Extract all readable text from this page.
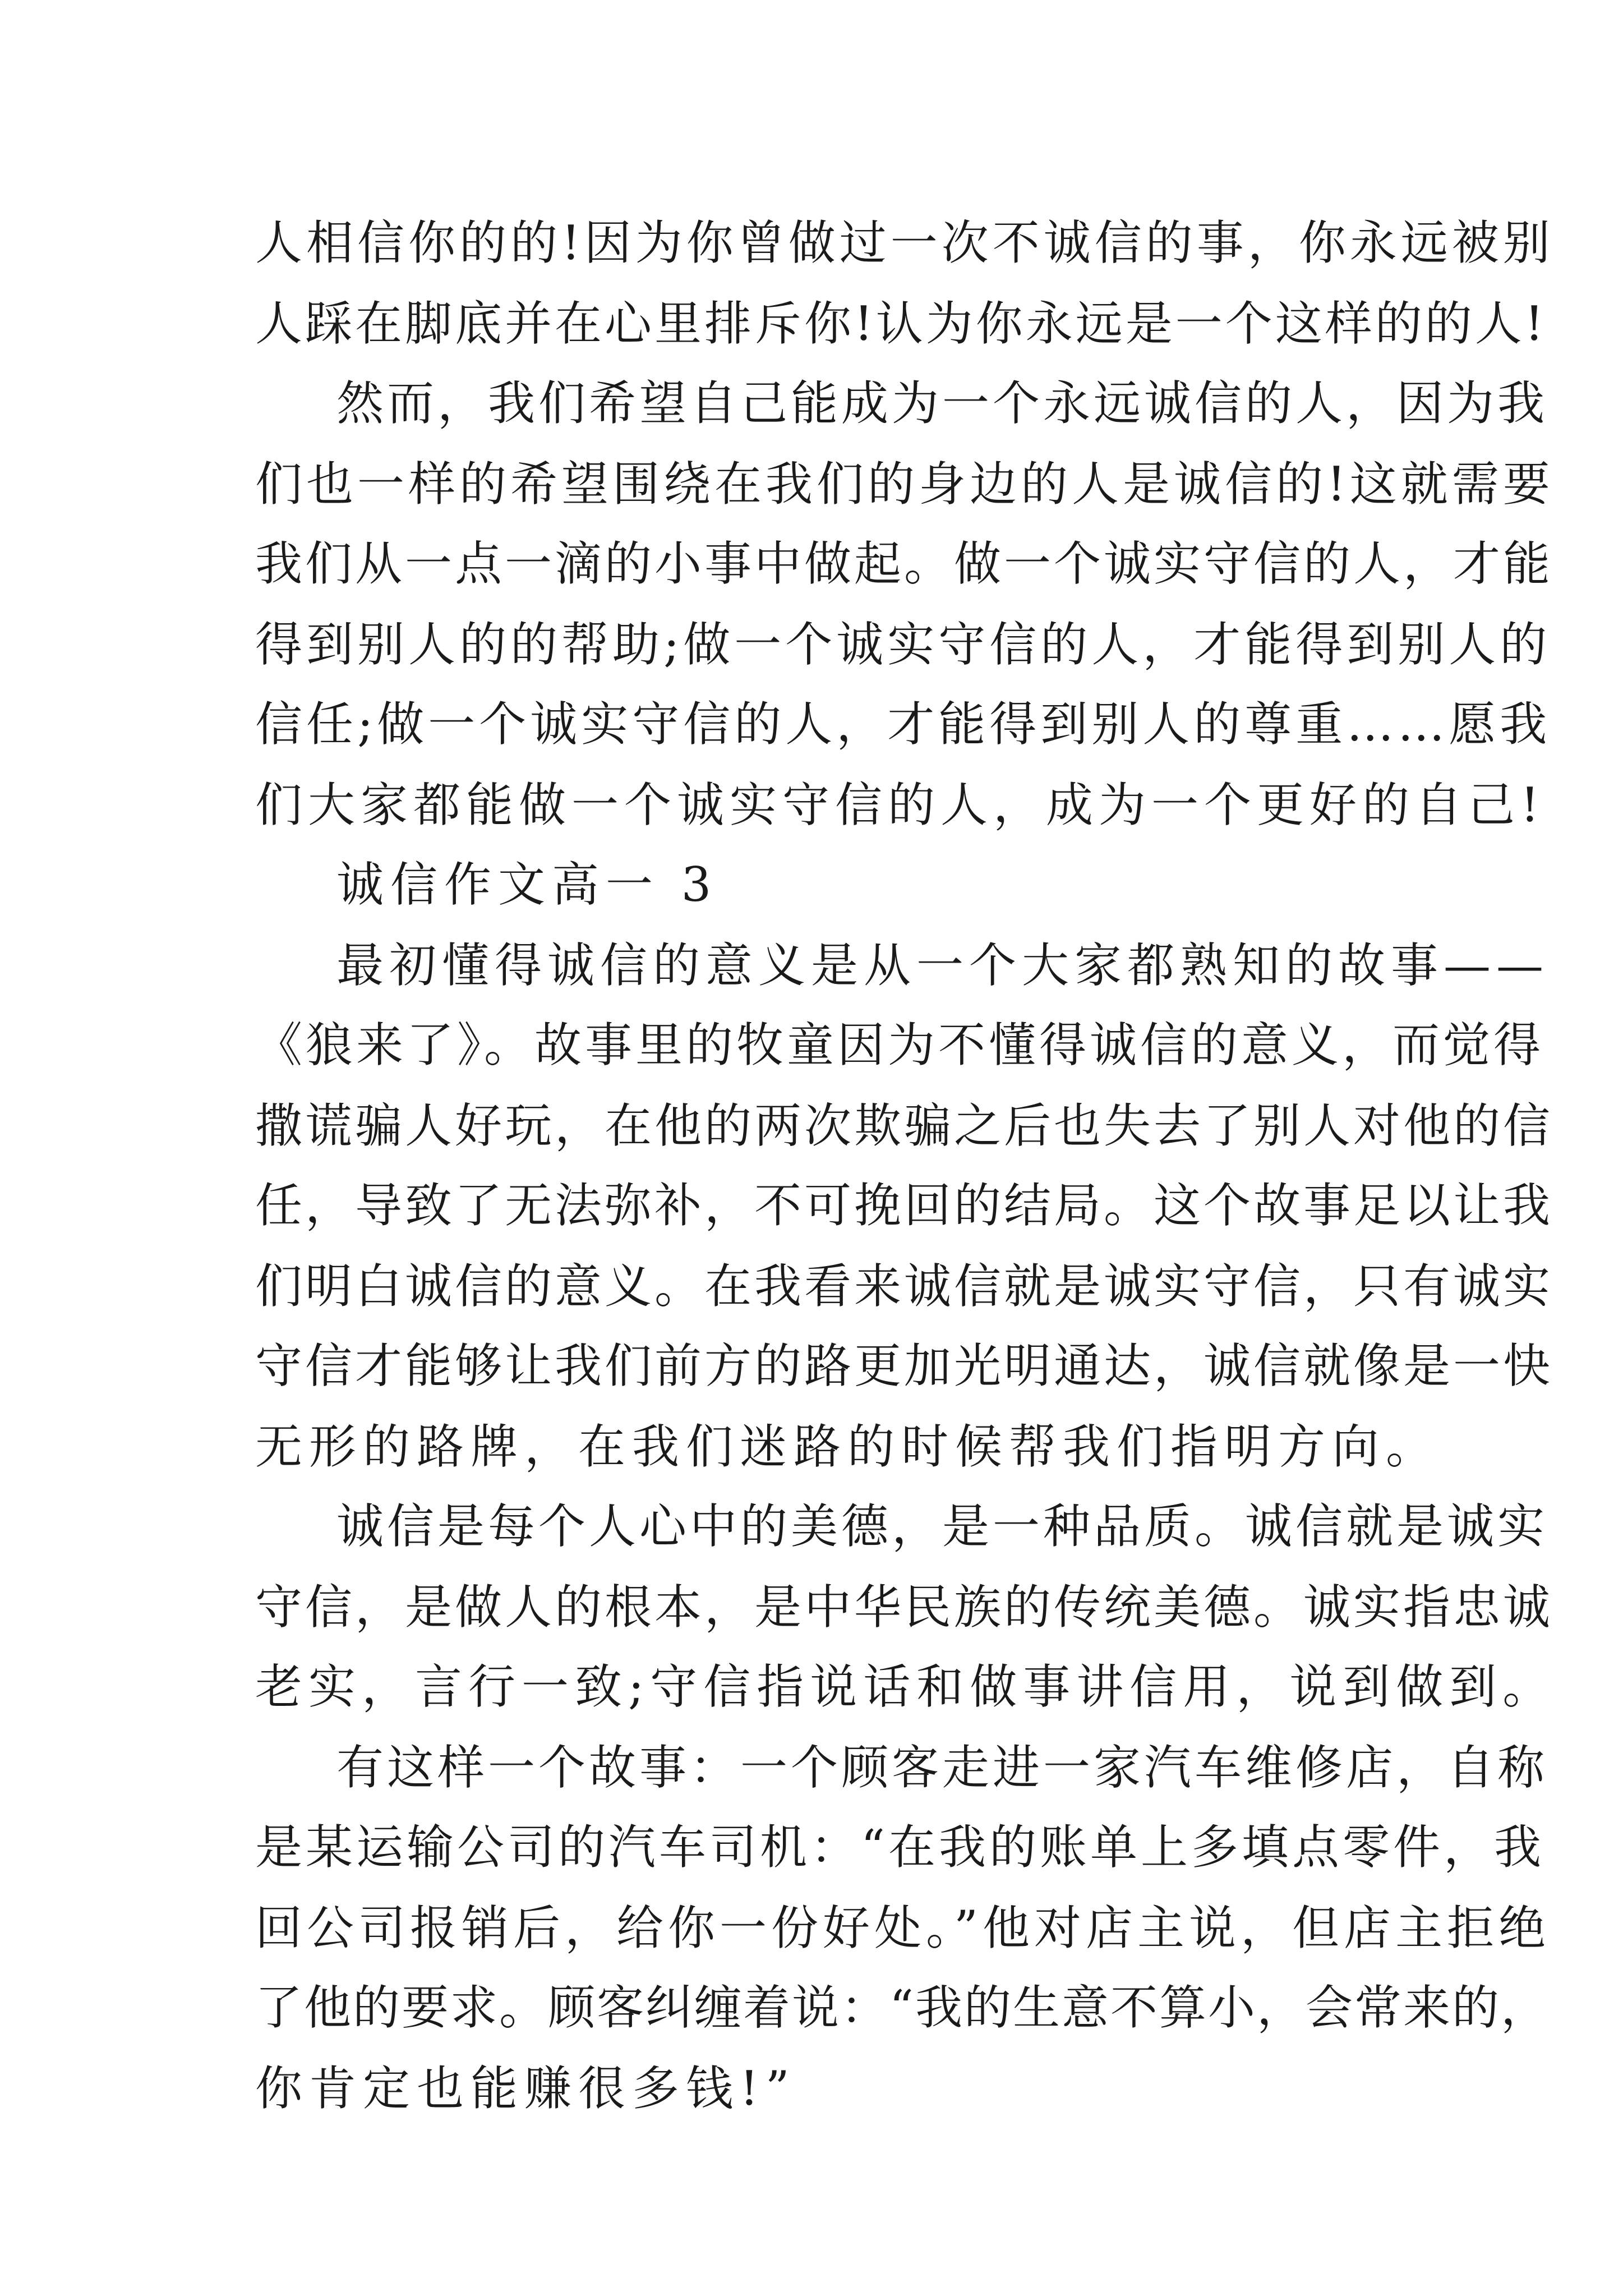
人相信你的的!因为你曾做过一次不诚信的事，你永远被别

人踩在脚底并在心里排斥你!认为你永远是一个这样的的人!

然而，我们希望自己能成为一个永远诚信的人，因为我

们也一样的希望围绕在我们的身边的人是诚信的!这就需要

我们从一点一滴的小事中做起。做一个诚实守信的人，才能

得到别人的的帮助;做一个诚实守信的人，才能得到别人的

信任;做一个诚实守信的人，才能得到别人的尊重……愿我

们大家都能做一个诚实守信的人，成为一个更好的自己!

诚信作文高一 3

最初懂得诚信的意义是从一个大家都熟知的故事——

《狼来了》。故事里的牧童因为不懂得诚信的意义，而觉得

撒谎骗人好玩，在他的两次欺骗之后也失去了别人对他的信

任，导致了无法弥补，不可挽回的结局。这个故事足以让我

们明白诚信的意义。在我看来诚信就是诚实守信，只有诚实

守信才能够让我们前方的路更加光明通达，诚信就像是一快

无形的路牌，在我们迷路的时候帮我们指明方向。

诚信是每个人心中的美德，是一种品质。诚信就是诚实

守信，是做人的根本，是中华民族的传统美德。诚实指忠诚

老实，言行一致;守信指说话和做事讲信用，说到做到。

有这样一个故事：一个顾客走进一家汽车维修店，自称

是某运输公司的汽车司机：“在我的账单上多填点零件，我

回公司报销后，给你一份好处。”他对店主说，但店主拒绝

了他的要求。顾客纠缠着说：“我的生意不算小，会常来的，

你肯定也能赚很多钱!”
